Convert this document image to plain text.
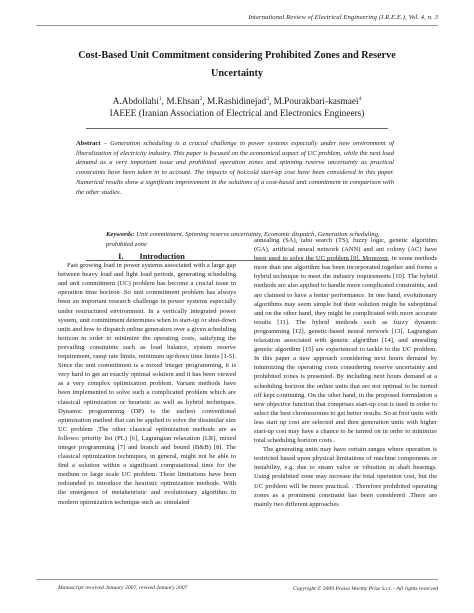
International Review of Electrical Engineering (I.R.E.E.), Vol. 4, n. 3
Cost-Based Unit Commitment considering Prohibited Zones and Reserve Uncertainty
A.Abdollahi$^1$, M.Ehsan$^2$, M.Rashidinejad$^3$, M.Pourakbari-kasmaei$^4$
IAEEE (Iranian Association of Electrical and Electronics Engineers)
Abstract – Generation scheduling is a crucial challenge in power systems especially under new environment of liberalization of electricity industry. This paper is focused on the economical aspect of UC problem, while the next load demand as a very important issue and prohibited operation zones and spinning reserve uncertainty as practical constraints have been taken in to account. The impacts of hot/cold start-up cost have been considered in this paper. Numerical results show a significant improvement in the solutions of a cost-based unit commitment in comparison with the other studies.
Keywords: Unit commitment, Spinning reserve uncertainty, Economic dispatch, Generation scheduling, prohibited zone

I. Introduction

Fast growing load in power systems associated with a large gap between heavy load and light load periods, generating scheduling and unit commitment (UC) problem has become a crucial issue in operation time horizon .So unit commitment problem has always been an important research challenge in power systems especially under restructured environment. In a vertically integrated power system, unit commitment determines when to start-up or shut-down units and how to dispatch online generators over a given scheduling horizon in order to minimize the operating costs, satisfying the prevailing constraints such as load balance, system reserve requirement, ramp rate limits, minimum up/down time limits [1-5]. Since the unit commitment is a mixed integer programming, it is very hard to get an exactly optimal solution and it has been viewed as a very complex optimization problem. Variant methods have been implemented to solve such a complicated problem which are classical optimization or heuristic as well as hybrid techniques. Dynamic programming (DP) is the earliest conventional optimization method that can be applied to solve the dissimilar size UC problem .The other classical optimization methods are as follows: priority list (PL) [6], Lagrangian relaxation (LR), mixed integer programming [7] and branch and bound (B&B) [8]. The classical optimization techniques, in general, might not be able to find a solution within a significant computational time for the medium or large scale UC problem. These limitations have been redounded to introduce the heuristic optimization methods. With the emergence of metaheuristic and evolutionary algorithm in modern optimization technique such as: simulated

annealing (SA), tabu search (TS), fuzzy logic, genetic algorithm (GA), artificial neural network (ANN) and ant colony (AC) have been used to solve the UC problem [9]. Moreover, in some methods more than one algorithm has been incorporated together and forms a hybrid technique to meet the industry requirements [10]. The hybrid methods are also applied to handle more complicated constraints, and are claimed to have a better performance. In one hand, evolutionary algorithms may seem simple but their solution might be suboptimal and on the other hand, they might be complicated with more accurate results [11]. The hybrid methods such as fuzzy dynamic programming [12], genetic-based neural network [13], Lagrangian relaxation associated with genetic algorithm [14], and annealing genetic algorithm [15] are experienced to tackle to the UC problem. In this paper a new approach considering next hours demand by minimizing the operating costs considering reserve uncertainty and prohibited zones is presented. By including next hours demand at a scheduling horizon the online units that are not optimal to be turned off kept continuing. On the other hand, in the proposed formulation a new objective function that comprises start-up cost is used in order to select the best chromosomes to get better results. So at first units with less start up cost are selected and then generation units with higher start-up cost may have a chance to be turned on in order to minimize total scheduling horizon costs .

The generating units may have certain ranges where operation is restricted based upon physical limitations of machine components or instability, e.g. due to steam valve or vibration in shaft bearings. Using prohibited zone may increase the total operation cost, but the UC problem will be more practical. . Therefore prohibited operating zones as a prominent constraint has been considered .There are mainly two different approaches

Manuscript received January 2007, revised January 2007	Copyright © 2009 Praise Worthy Prize S.r.l. - All rights reserved
